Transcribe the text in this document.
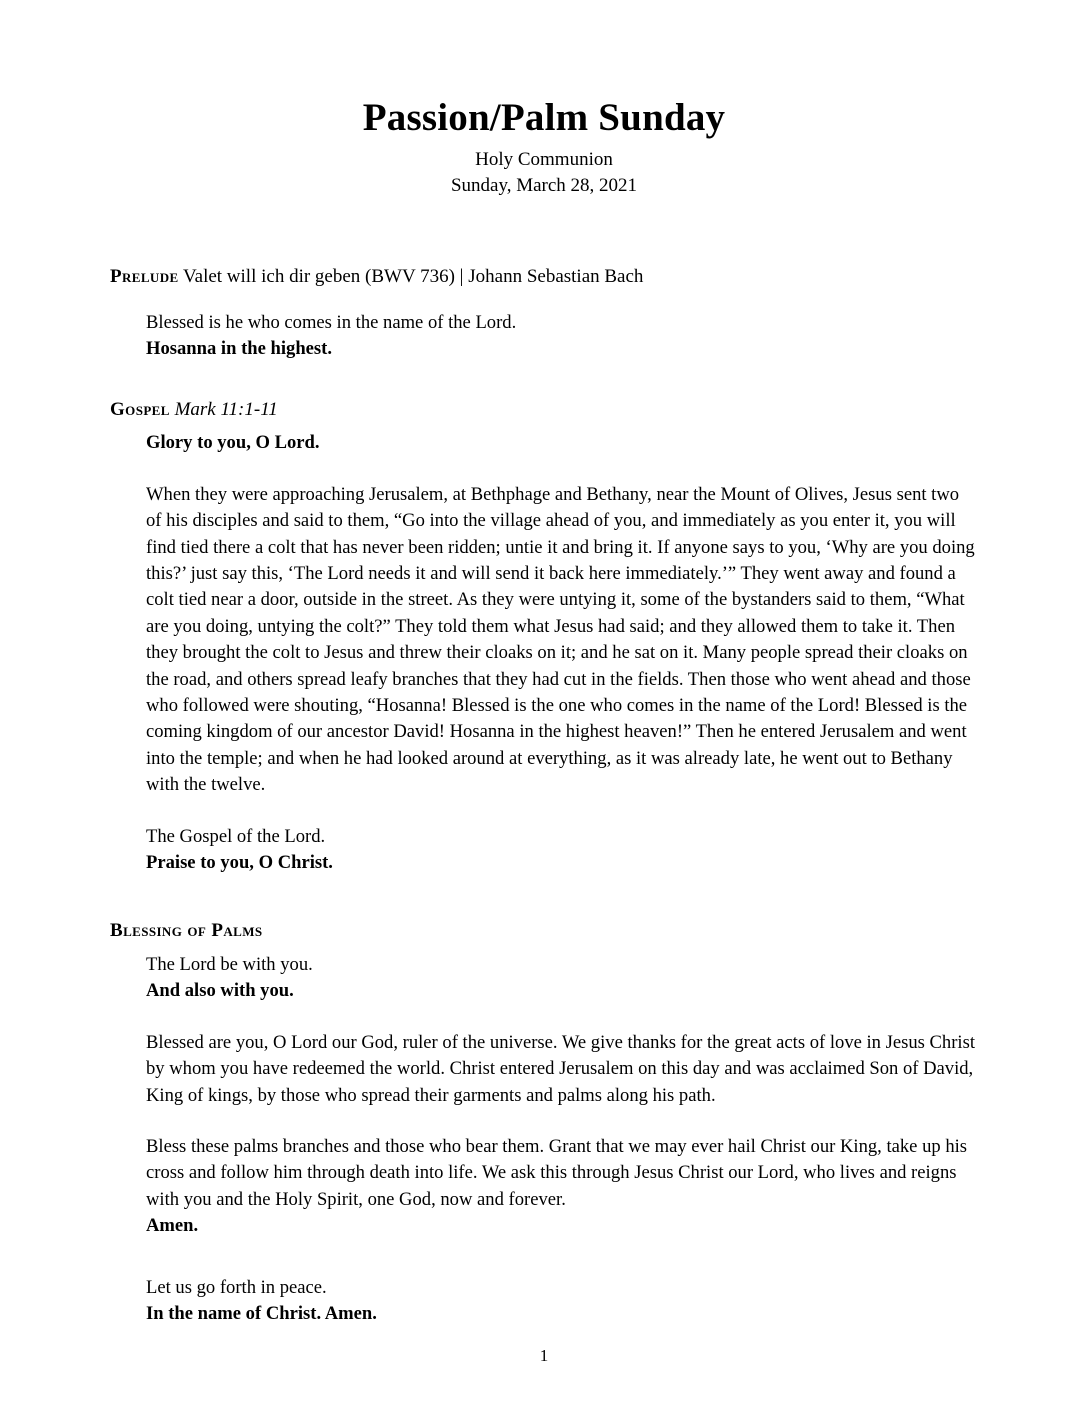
Passion/Palm Sunday
Holy Communion
Sunday, March 28, 2021
Prelude Valet will ich dir geben (BWV 736) | Johann Sebastian Bach

Blessed is he who comes in the name of the Lord.

Hosanna in the highest.

Gospel Mark 11:1-11

Glory to you, O Lord.

When they were approaching Jerusalem, at Bethphage and Bethany, near the Mount of Olives, Jesus sent two of his disciples and said to them, “Go into the village ahead of you, and immediately as you enter it, you will find tied there a colt that has never been ridden; untie it and bring it. If anyone says to you, ‘Why are you doing this?’ just say this, ‘The Lord needs it and will send it back here immediately.’” They went away and found a colt tied near a door, outside in the street. As they were untying it, some of the bystanders said to them, “What are you doing, untying the colt?” They told them what Jesus had said; and they allowed them to take it. Then they brought the colt to Jesus and threw their cloaks on it; and he sat on it. Many people spread their cloaks on the road, and others spread leafy branches that they had cut in the fields. Then those who went ahead and those who followed were shouting, “Hosanna! Blessed is the one who comes in the name of the Lord! Blessed is the coming kingdom of our ancestor David! Hosanna in the highest heaven!” Then he entered Jerusalem and went into the temple; and when he had looked around at everything, as it was already late, he went out to Bethany with the twelve.

The Gospel of the Lord.

Praise to you, O Christ.

Blessing of Palms

The Lord be with you.

And also with you.

Blessed are you, O Lord our God, ruler of the universe. We give thanks for the great acts of love in Jesus Christ by whom you have redeemed the world. Christ entered Jerusalem on this day and was acclaimed Son of David, King of kings, by those who spread their garments and palms along his path.

Bless these palms branches and those who bear them. Grant that we may ever hail Christ our King, take up his cross and follow him through death into life. We ask this through Jesus Christ our Lord, who lives and reigns with you and the Holy Spirit, one God, now and forever.

Amen.

Let us go forth in peace.

In the name of Christ. Amen.

1
